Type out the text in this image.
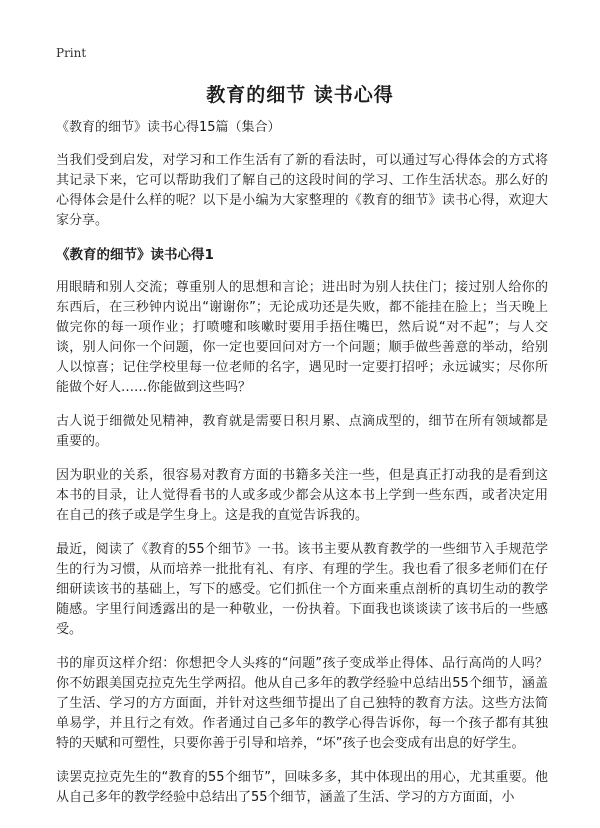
Print
教育的细节 读书心得

《教育的细节》读书心得15篇（集合）

当我们受到启发，对学习和工作生活有了新的看法时，可以通过写心得体会的方式将其记录下来，它可以帮助我们了解自己的这段时间的学习、工作生活状态。那么好的心得体会是什么样的呢？以下是小编为大家整理的《教育的细节》读书心得，欢迎大家分享。

《教育的细节》读书心得1

用眼睛和别人交流；尊重别人的思想和言论；进出时为别人扶住门；接过别人给你的东西后，在三秒钟内说出“谢谢你”；无论成功还是失败，都不能挂在脸上；当天晚上做完你的每一项作业；打喷嚏和咳嗽时要用手捂住嘴巴，然后说“对不起”；与人交谈，别人问你一个问题，你一定也要回问对方一个问题；顺手做些善意的举动，给别人以惊喜；记住学校里每一位老师的名字，遇见时一定要打招呼；永远诚实；尽你所能做个好人……你能做到这些吗？

古人说于细微处见精神，教育就是需要日积月累、点滴成型的，细节在所有领域都是重要的。

因为职业的关系，很容易对教育方面的书籍多关注一些，但是真正打动我的是看到这本书的目录，让人觉得看书的人或多或少都会从这本书上学到一些东西，或者决定用在自己的孩子或是学生身上。这是我的直觉告诉我的。

最近，阅读了《教育的55个细节》一书。该书主要从教育教学的一些细节入手规范学生的行为习惯，从而培养一批批有礼、有序、有理的学生。我也看了很多老师们在仔细研读该书的基础上，写下的感受。它们抓住一个方面来重点剖析的真切生动的教学随感。字里行间透露出的是一种敬业，一份执着。下面我也谈谈读了该书后的一些感受。

书的扉页这样介绍：你想把令人头疼的“问题”孩子变成举止得体、品行高尚的人吗？你不妨跟美国克拉克先生学两招。他从自己多年的教学经验中总结出55个细节，涵盖了生活、学习的方方面面，并针对这些细节提出了自己独特的教育方法。这些方法简单易学，并且行之有效。作者通过自己多年的教学心得告诉你，每一个孩子都有其独特的天赋和可塑性，只要你善于引导和培养，“坏”孩子也会变成有出息的好学生。

读罢克拉克先生的“教育的55个细节”，回味多多，其中体现出的用心，尤其重要。他从自己多年的教学经验中总结出了55个细节，涵盖了生活、学习的方方面面，小
